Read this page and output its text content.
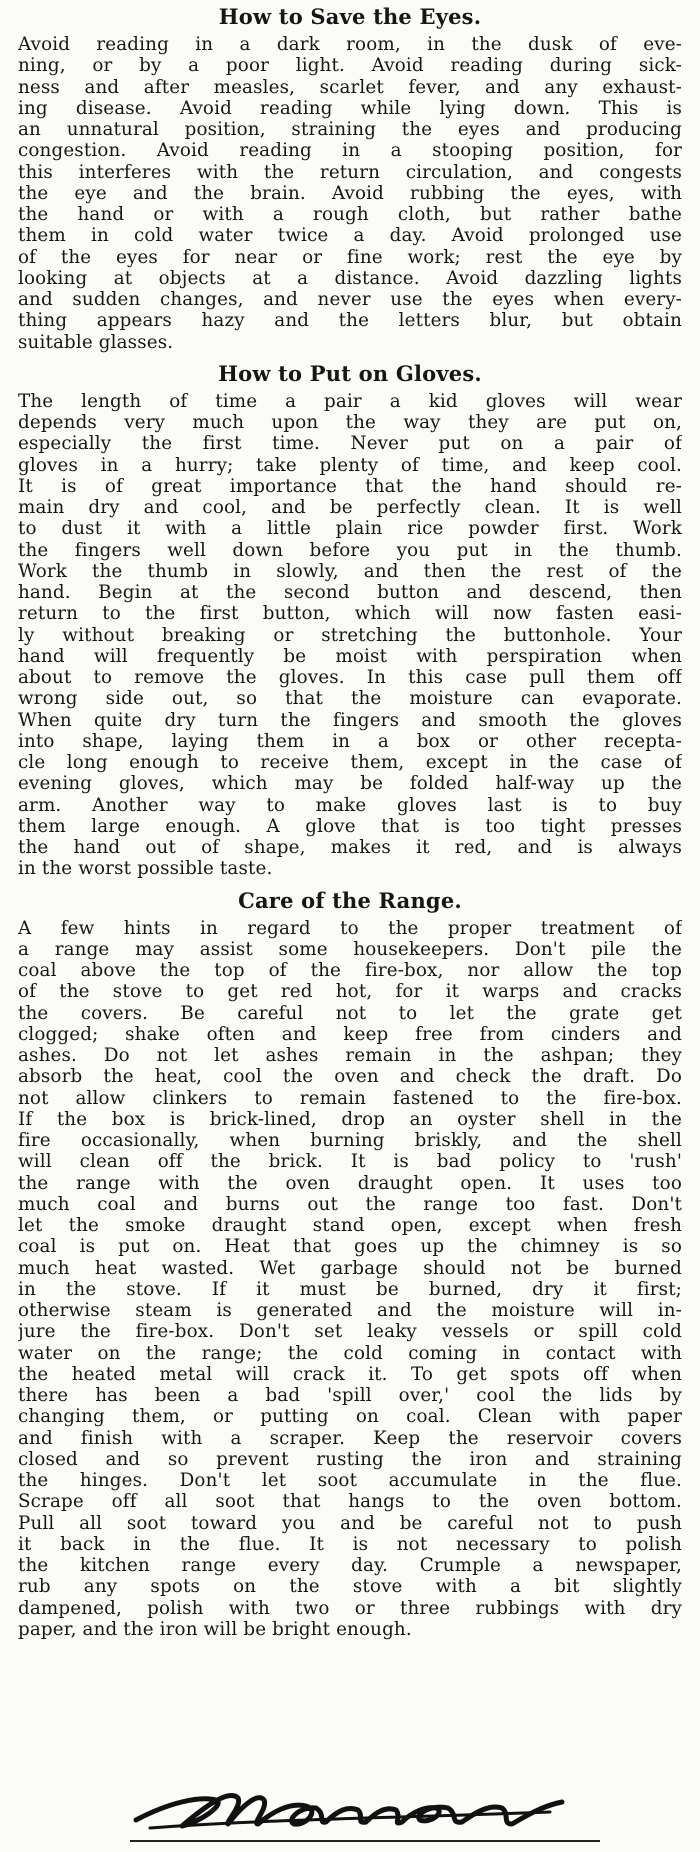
How to Save the Eyes.

Avoid reading in a dark room, in the dusk of eve-
ning, or by a poor light. Avoid reading during sick-
ness and after measles, scarlet fever, and any exhaust-
ing disease. Avoid reading while lying down. This is
an unnatural position, straining the eyes and producing
congestion. Avoid reading in a stooping position, for
this interferes with the return circulation, and congests
the eye and the brain. Avoid rubbing the eyes, with
the hand or with a rough cloth, but rather bathe
them in cold water twice a day. Avoid prolonged use
of the eyes for near or fine work; rest the eye by
looking at objects at a distance. Avoid dazzling lights
and sudden changes, and never use the eyes when every-
thing appears hazy and the letters blur, but obtain
suitable glasses.

How to Put on Gloves.

The length of time a pair a kid gloves will wear
depends very much upon the way they are put on,
especially the first time. Never put on a pair of
gloves in a hurry; take plenty of time, and keep cool.
It is of great importance that the hand should re-
main dry and cool, and be perfectly clean. It is well
to dust it with a little plain rice powder first. Work
the fingers well down before you put in the thumb.
Work the thumb in slowly, and then the rest of the
hand. Begin at the second button and descend, then
return to the first button, which will now fasten easi-
ly without breaking or stretching the buttonhole. Your
hand will frequently be moist with perspiration when
about to remove the gloves. In this case pull them off
wrong side out, so that the moisture can evaporate.
When quite dry turn the fingers and smooth the gloves
into shape, laying them in a box or other recepta-
cle long enough to receive them, except in the case of
evening gloves, which may be folded half-way up the
arm. Another way to make gloves last is to buy
them large enough. A glove that is too tight presses
the hand out of shape, makes it red, and is always
in the worst possible taste.

Care of the Range.

A few hints in regard to the proper treatment of
a range may assist some housekeepers. Don't pile the
coal above the top of the fire-box, nor allow the top
of the stove to get red hot, for it warps and cracks
the covers. Be careful not to let the grate get
clogged; shake often and keep free from cinders and
ashes. Do not let ashes remain in the ashpan; they
absorb the heat, cool the oven and check the draft. Do
not allow clinkers to remain fastened to the fire-box.
If the box is brick-lined, drop an oyster shell in the
fire occasionally, when burning briskly, and the shell
will clean off the brick. It is bad policy to 'rush'
the range with the oven draught open. It uses too
much coal and burns out the range too fast. Don't
let the smoke draught stand open, except when fresh
coal is put on. Heat that goes up the chimney is so
much heat wasted. Wet garbage should not be burned
in the stove. If it must be burned, dry it first;
otherwise steam is generated and the moisture will in-
jure the fire-box. Don't set leaky vessels or spill cold
water on the range; the cold coming in contact with
the heated metal will crack it. To get spots off when
there has been a bad 'spill over,' cool the lids by
changing them, or putting on coal. Clean with paper
and finish with a scraper. Keep the reservoir covers
closed and so prevent rusting the iron and straining
the hinges. Don't let soot accumulate in the flue.
Scrape off all soot that hangs to the oven bottom.
Pull all soot toward you and be careful not to push
it back in the flue. It is not necessary to polish
the kitchen range every day. Crumple a newspaper,
rub any spots on the stove with a bit slightly
dampened, polish with two or three rubbings with dry
paper, and the iron will be bright enough.
